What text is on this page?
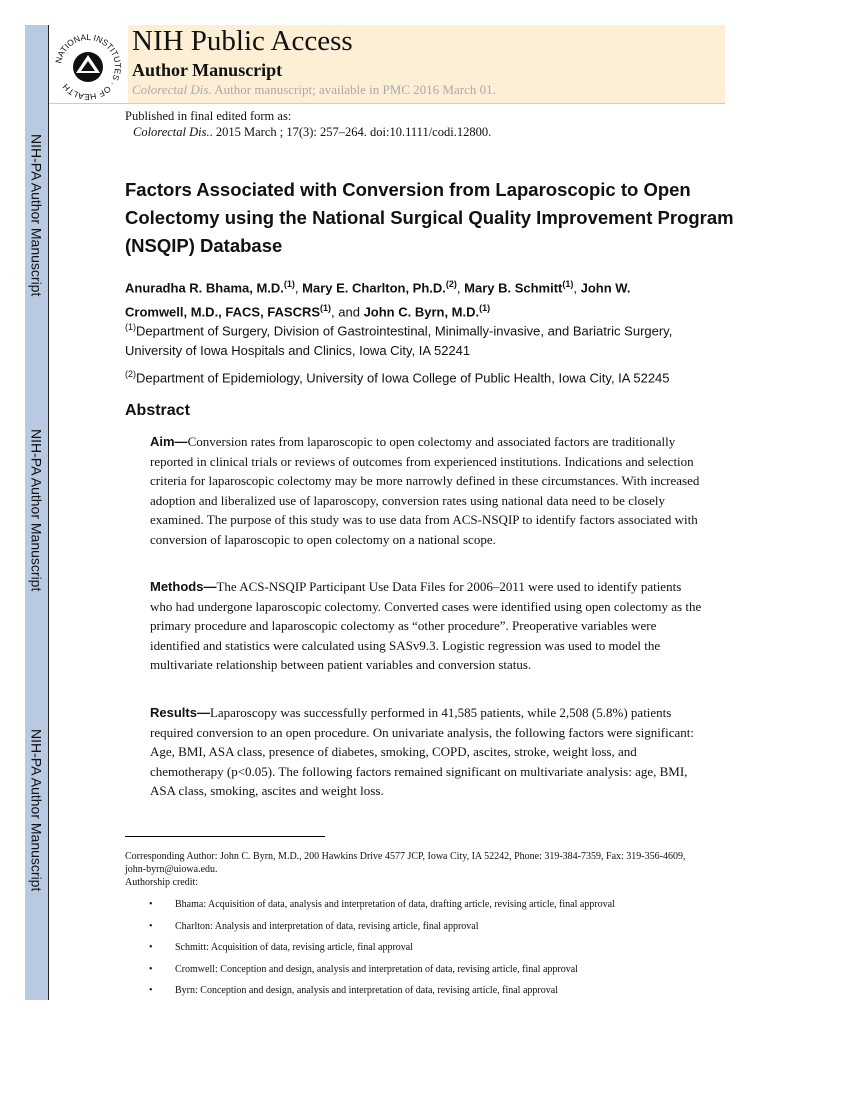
NIH-PA Author Manuscript
NIH-PA Author Manuscript
NIH-PA Author Manuscript
NATIONAL INSTITUTES · OF HEALTH
NIH Public Access
Author Manuscript
Colorectal Dis. Author manuscript; available in PMC 2016 March 01.
Published in final edited form as:
Colorectal Dis.. 2015 March ; 17(3): 257–264. doi:10.1111/codi.12800.
Factors Associated with Conversion from Laparoscopic to Open Colectomy using the National Surgical Quality Improvement Program (NSQIP) Database
Anuradha R. Bhama, M.D.$^{(1)}$, Mary E. Charlton, Ph.D.$^{(2)}$, Mary B. Schmitt$^{(1)}$, John W. Cromwell, M.D., FACS, FASCRS$^{(1)}$, and John C. Byrn, M.D.$^{(1)}$
$^{(1)}$Department of Surgery, Division of Gastrointestinal, Minimally-invasive, and Bariatric Surgery, University of Iowa Hospitals and Clinics, Iowa City, IA 52241
$^{(2)}$Department of Epidemiology, University of Iowa College of Public Health, Iowa City, IA 52245
Abstract
Aim—Conversion rates from laparoscopic to open colectomy and associated factors are traditionally reported in clinical trials or reviews of outcomes from experienced institutions. Indications and selection criteria for laparoscopic colectomy may be more narrowly defined in these circumstances. With increased adoption and liberalized use of laparoscopy, conversion rates using national data need to be closely examined. The purpose of this study was to use data from ACS-NSQIP to identify factors associated with conversion of laparoscopic to open colectomy on a national scope.
Methods—The ACS-NSQIP Participant Use Data Files for 2006–2011 were used to identify patients who had undergone laparoscopic colectomy. Converted cases were identified using open colectomy as the primary procedure and laparoscopic colectomy as “other procedure”. Preoperative variables were identified and statistics were calculated using SASv9.3. Logistic regression was used to model the multivariate relationship between patient variables and conversion status.
Results—Laparoscopy was successfully performed in 41,585 patients, while 2,508 (5.8%) patients required conversion to an open procedure. On univariate analysis, the following factors were significant: Age, BMI, ASA class, presence of diabetes, smoking, COPD, ascites, stroke, weight loss, and chemotherapy (p<0.05). The following factors remained significant on multivariate analysis: age, BMI, ASA class, smoking, ascites and weight loss.
Corresponding Author: John C. Byrn, M.D., 200 Hawkins Drive 4577 JCP, Iowa City, IA 52242, Phone: 319-384-7359, Fax: 319-356-4609, john-byrn@uiowa.edu.
Authorship credit:
• Bhama: Acquisition of data, analysis and interpretation of data, drafting article, revising article, final approval
• Charlton: Analysis and interpretation of data, revising article, final approval
• Schmitt: Acquisition of data, revising article, final approval
• Cromwell: Conception and design, analysis and interpretation of data, revising article, final approval
• Byrn: Conception and design, analysis and interpretation of data, revising article, final approval
